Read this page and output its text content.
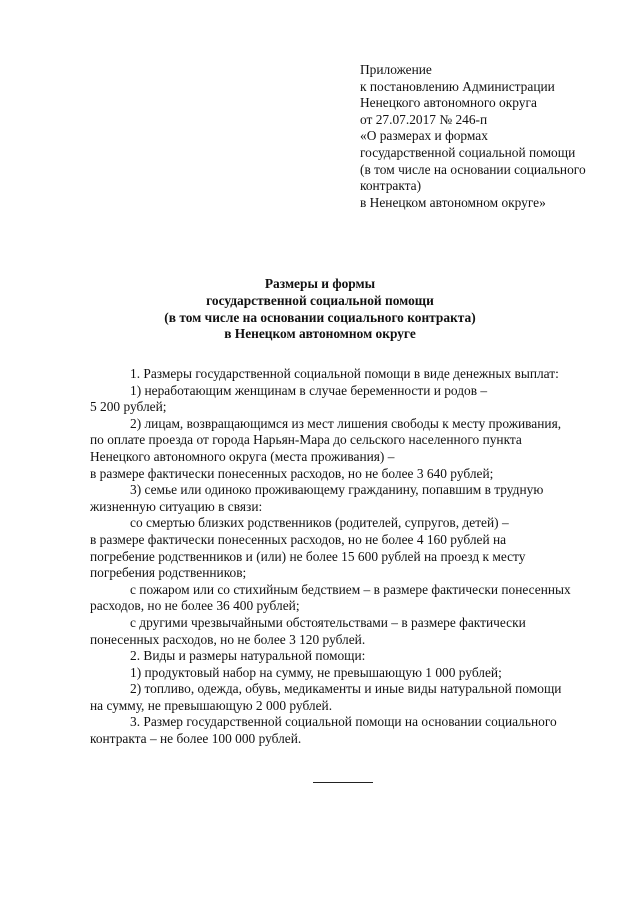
Приложение
к постановлению Администрации
Ненецкого автономного округа
от 27.07.2017 № 246-п
«О размерах и формах
государственной социальной помощи
(в том числе на основании социального
контракта)
в Ненецком автономном округе»
Размеры и формы
государственной социальной помощи
(в том числе на основании социального контракта)
в Ненецком автономном округе
1. Размеры государственной социальной помощи в виде денежных выплат:
1) неработающим женщинам в случае беременности и родов –
5 200 рублей;
2) лицам, возвращающимся из мест лишения свободы к месту проживания,
по оплате проезда от города Нарьян-Мара до сельского населенного пункта
Ненецкого автономного округа (места проживания) –
в размере фактически понесенных расходов, но не более 3 640 рублей;
3) семье или одиноко проживающему гражданину, попавшим в трудную
жизненную ситуацию в связи:
со смертью близких родственников (родителей, супругов, детей) –
в размере фактически понесенных расходов, но не более 4 160 рублей на
погребение родственников и (или) не более 15 600 рублей на проезд к месту
погребения родственников;
с пожаром или со стихийным бедствием – в размере фактически понесенных
расходов, но не более 36 400 рублей;
с другими чрезвычайными обстоятельствами – в размере фактически
понесенных расходов, но не более 3 120 рублей.
2. Виды и размеры натуральной помощи:
1) продуктовый набор на сумму, не превышающую 1 000 рублей;
2) топливо, одежда, обувь, медикаменты и иные виды натуральной помощи
на сумму, не превышающую 2 000 рублей.
3. Размер государственной социальной помощи на основании социального
контракта – не более 100 000 рублей.
